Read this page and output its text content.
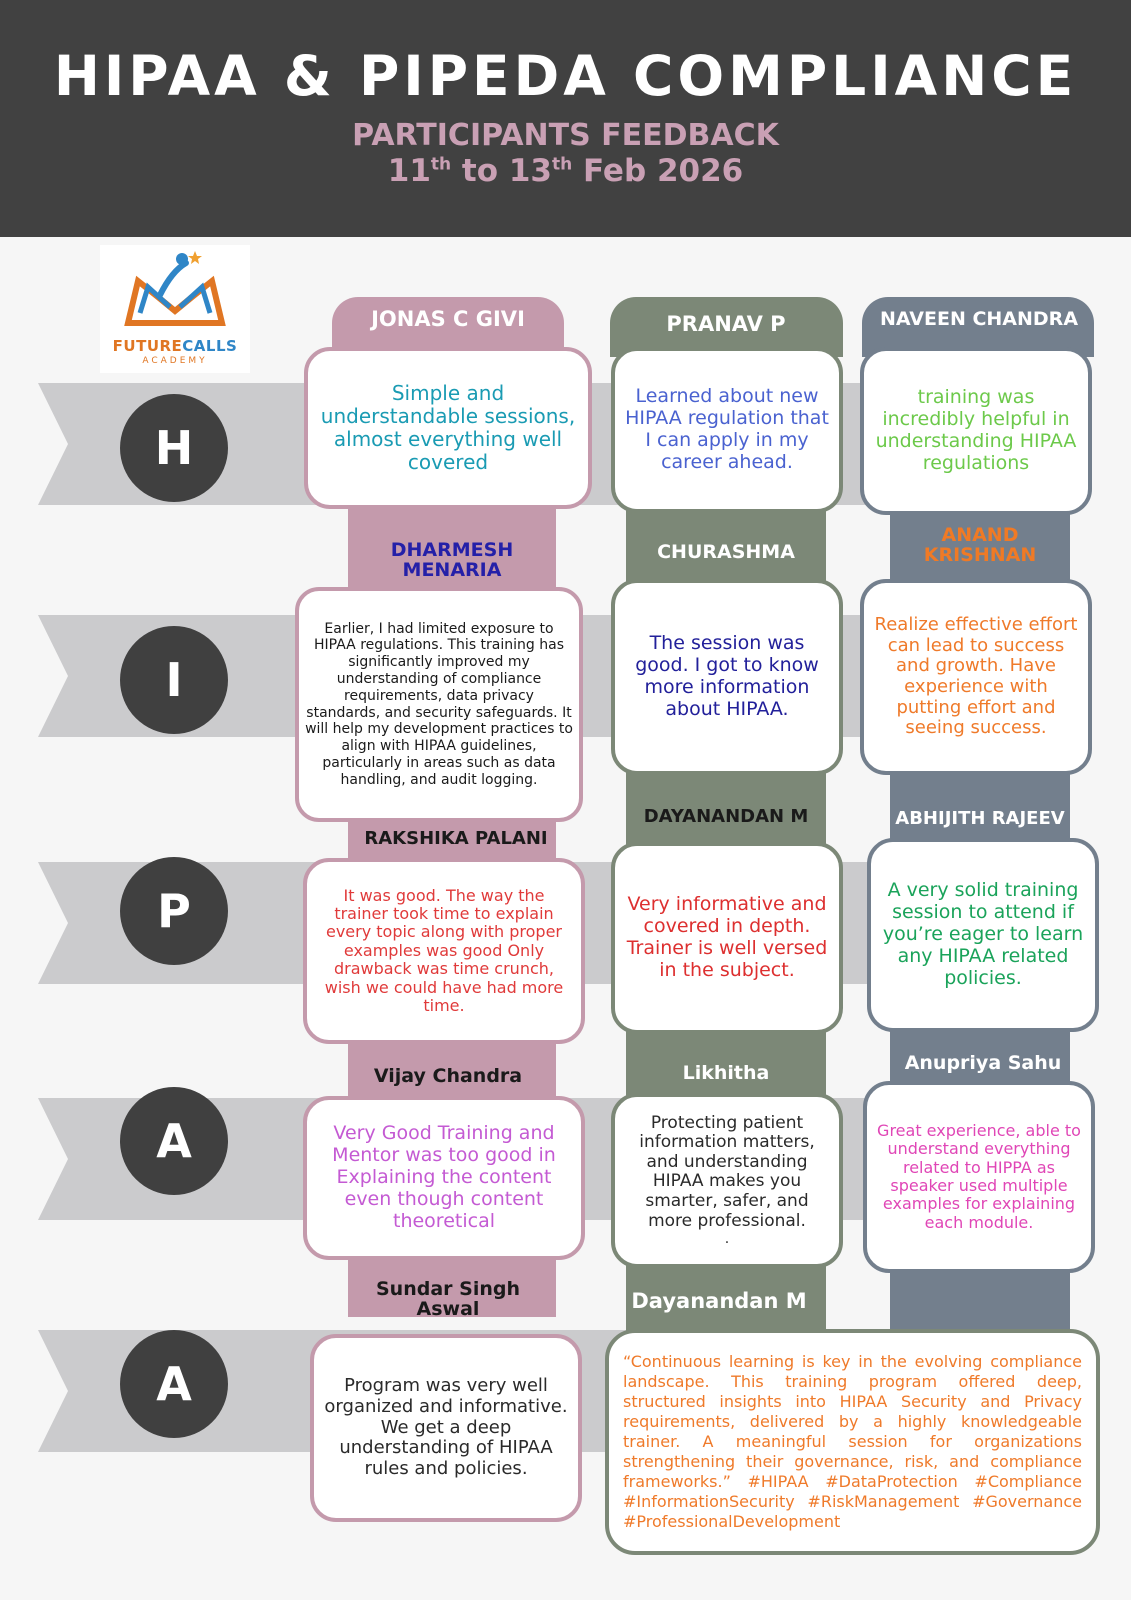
HIPAA & PIPEDA COMPLIANCE
PARTICIPANTS FEEDBACK
11th to 13th Feb 2026
FUTURECALLS
ACADEMY
H
I
P
A
A
JONAS C GIVI
Simple and understandable sessions, almost everything well covered
PRANAV P
Learned about new HIPAA regulation that I can apply in my career ahead.
NAVEEN CHANDRA
training was incredibly helpful in understanding HIPAA regulations
DHARMESH MENARIA
Earlier, I had limited exposure to HIPAA regulations. This training has significantly improved my understanding of compliance requirements, data privacy standards, and security safeguards. It will help my development practices to align with HIPAA guidelines, particularly in areas such as data handling, and audit logging.
CHURASHMA
The session was good. I got to know more information about HIPAA.
ANAND KRISHNAN
Realize effective effort can lead to success and growth. Have experience with putting effort and seeing success.
RAKSHIKA PALANI
It was good. The way the trainer took time to explain every topic along with proper examples was good Only drawback was time crunch, wish we could have had more time.
DAYANANDAN M
Very informative and covered in depth. Trainer is well versed in the subject.
ABHIJITH RAJEEV
A very solid training session to attend if you’re eager to learn any HIPAA related policies.
Vijay Chandra
Very Good Training and Mentor was too good in Explaining the content even though content theoretical
Likhitha
Protecting patient information matters, and understanding HIPAA makes you smarter, safer, and more professional.
.
Anupriya Sahu
Great experience, able to understand everything related to HIPPA as speaker used multiple examples for explaining each module.
Sundar Singh Aswal
Program was very well organized and informative. We get a deep understanding of HIPAA rules and policies.
Dayanandan M
“Continuous learning is key in the evolving compliance landscape. This training program offered deep, structured insights into HIPAA Security and Privacy requirements, delivered by a highly knowledgeable trainer. A meaningful session for organizations strengthening their governance, risk, and compliance frameworks.” #HIPAA #DataProtection #Compliance #InformationSecurity #RiskManagement #Governance #ProfessionalDevelopment
